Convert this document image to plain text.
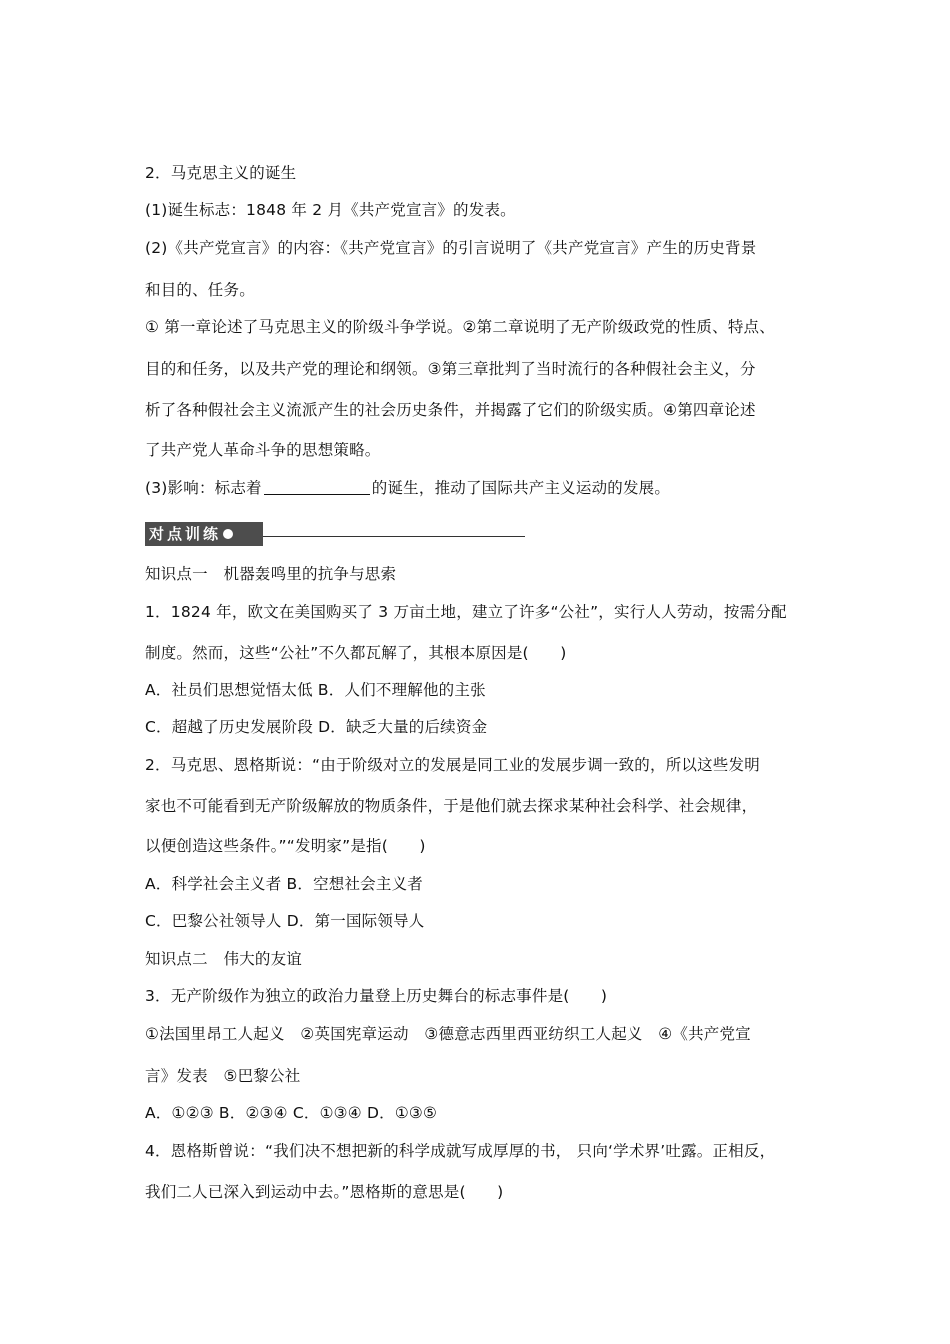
2．马克思主义的诞生
(1)诞生标志：1848 年 2 月《共产党宣言》的发表。
(2)《共产党宣言》的内容：《共产党宣言》的引言说明了《共产党宣言》产生的历史背景
和目的、任务。
① 第一章论述了马克思主义的阶级斗争学说。②第二章说明了无产阶级政党的性质、特点、
目的和任务，以及共产党的理论和纲领。③第三章批判了当时流行的各种假社会主义，分
析了各种假社会主义流派产生的社会历史条件，并揭露了它们的阶级实质。④第四章论述
了共产党人革命斗争的思想策略。
(3)影响：标志着	的诞生，推动了国际共产主义运动的发展。
对点训练
知识点一　机器轰鸣里的抗争与思索
1．1824 年，欧文在美国购买了 3 万亩土地，建立了许多“公社”，实行人人劳动，按需分配
制度。然而，这些“公社”不久都瓦解了，其根本原因是(　　)
A．社员们思想觉悟太低 B．人们不理解他的主张
C．超越了历史发展阶段 D．缺乏大量的后续资金
2．马克思、恩格斯说：“由于阶级对立的发展是同工业的发展步调一致的，所以这些发明
家也不可能看到无产阶级解放的物质条件，于是他们就去探求某种社会科学、社会规律，
以便创造这些条件。”“发明家”是指(　　)
A．科学社会主义者 B．空想社会主义者
C．巴黎公社领导人 D．第一国际领导人
知识点二　伟大的友谊
3．无产阶级作为独立的政治力量登上历史舞台的标志事件是(　　)
①法国里昂工人起义　②英国宪章运动　③德意志西里西亚纺织工人起义　④《共产党宣
言》发表　⑤巴黎公社
A．①②③ B．②③④ C．①③④ D．①③⑤
4．恩格斯曾说：“我们决不想把新的科学成就写成厚厚的书， 只向‘学术界’吐露。正相反，
我们二人已深入到运动中去。”恩格斯的意思是(　　)
